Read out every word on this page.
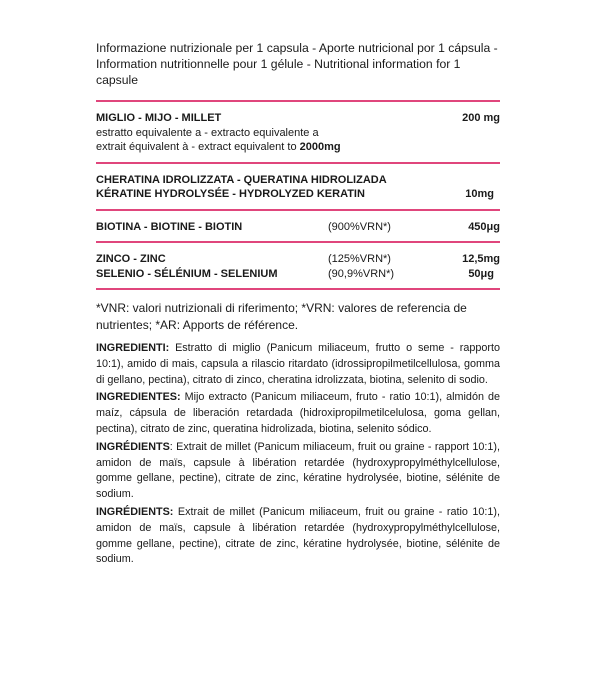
Informazione nutrizionale per 1 capsula - Aporte nutricional por 1 cápsula - Information nutritionnelle pour 1 gélule - Nutritional information for 1 capsule
MIGLIO - MIJO - MILLET	200 mg
estratto equivalente a - extracto equivalente a
extrait équivalent à - extract equivalent to 2000mg
CHERATINA IDROLIZZATA - QUERATINA HIDROLIZADA
KÉRATINE HYDROLYSÉE - HYDROLYZED KERATIN	10mg
BIOTINA - BIOTINE - BIOTIN	(900%VRN*)	450μg
ZINCO - ZINC	(125%VRN*)	12,5mg
SELENIO - SÉLÉNIUM - SELENIUM	(90,9%VRN*)	50μg
*VNR: valori nutrizionali di riferimento; *VRN: valores de referencia de nutrientes; *AR: Apports de référence.

INGREDIENTI: Estratto di miglio (Panicum miliaceum, frutto o seme - rapporto 10:1), amido di mais, capsula a rilascio ritardato (idrossipropilmetilcellulosa, gomma di gellano, pectina), citrato di zinco, cheratina idrolizzata, biotina, selenito di sodio.

INGREDIENTES: Mijo extracto (Panicum miliaceum, fruto - ratio 10:1), almidón de maíz, cápsula de liberación retardada (hidroxipropilmetilcelulosa, goma gellan, pectina), citrato de zinc, queratina hidrolizada, biotina, selenito sódico.

INGRÉDIENTS: Extrait de millet (Panicum miliaceum, fruit ou graine - rapport 10:1), amidon de maïs, capsule à libération retardée (hydroxypropylméthylcellulose, gomme gellane, pectine), citrate de zinc, kératine hydrolysée, biotine, sélénite de sodium.

INGRÉDIENTS: Extrait de millet (Panicum miliaceum, fruit ou graine - ratio 10:1), amidon de maïs, capsule à libération retardée (hydroxypropylméthylcellulose, gomme gellane, pectine), citrate de zinc, kératine hydrolysée, biotine, sélénite de sodium.
